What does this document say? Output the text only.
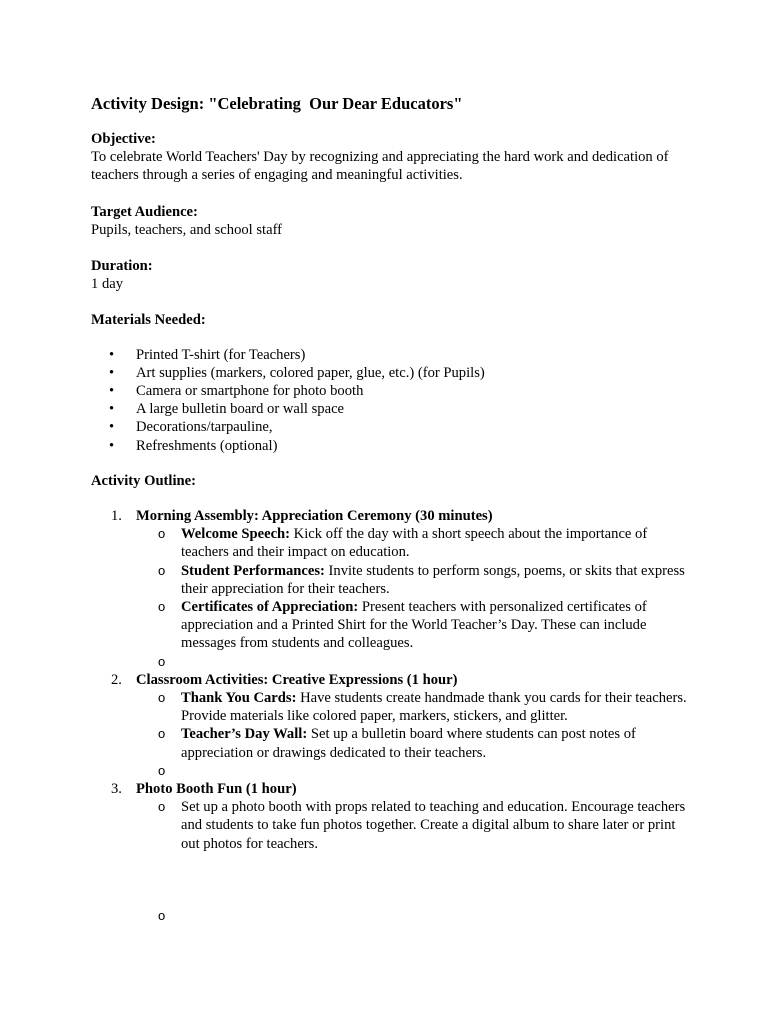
Activity Design: "Celebrating  Our Dear Educators"
Objective:
To celebrate World Teachers' Day by recognizing and appreciating the hard work and dedication of teachers through a series of engaging and meaningful activities.
Target Audience:
Pupils, teachers, and school staff
Duration:
1 day
Materials Needed:
• Printed T-shirt (for Teachers)
• Art supplies (markers, colored paper, glue, etc.) (for Pupils)
• Camera or smartphone for photo booth
• A large bulletin board or wall space
• Decorations/tarpauline,
• Refreshments (optional)
Activity Outline:
1. Morning Assembly: Appreciation Ceremony (30 minutes)
o Welcome Speech: Kick off the day with a short speech about the importance of teachers and their impact on education.
o Student Performances: Invite students to perform songs, poems, or skits that express their appreciation for their teachers.
o Certificates of Appreciation: Present teachers with personalized certificates of appreciation and a Printed Shirt for the World Teacher’s Day. These can include messages from students and colleagues.
o
2. Classroom Activities: Creative Expressions (1 hour)
o Thank You Cards: Have students create handmade thank you cards for their teachers. Provide materials like colored paper, markers, stickers, and glitter.
o Teacher’s Day Wall: Set up a bulletin board where students can post notes of appreciation or drawings dedicated to their teachers.
o
3. Photo Booth Fun (1 hour)
o Set up a photo booth with props related to teaching and education. Encourage teachers and students to take fun photos together. Create a digital album to share later or print out photos for teachers.
o
